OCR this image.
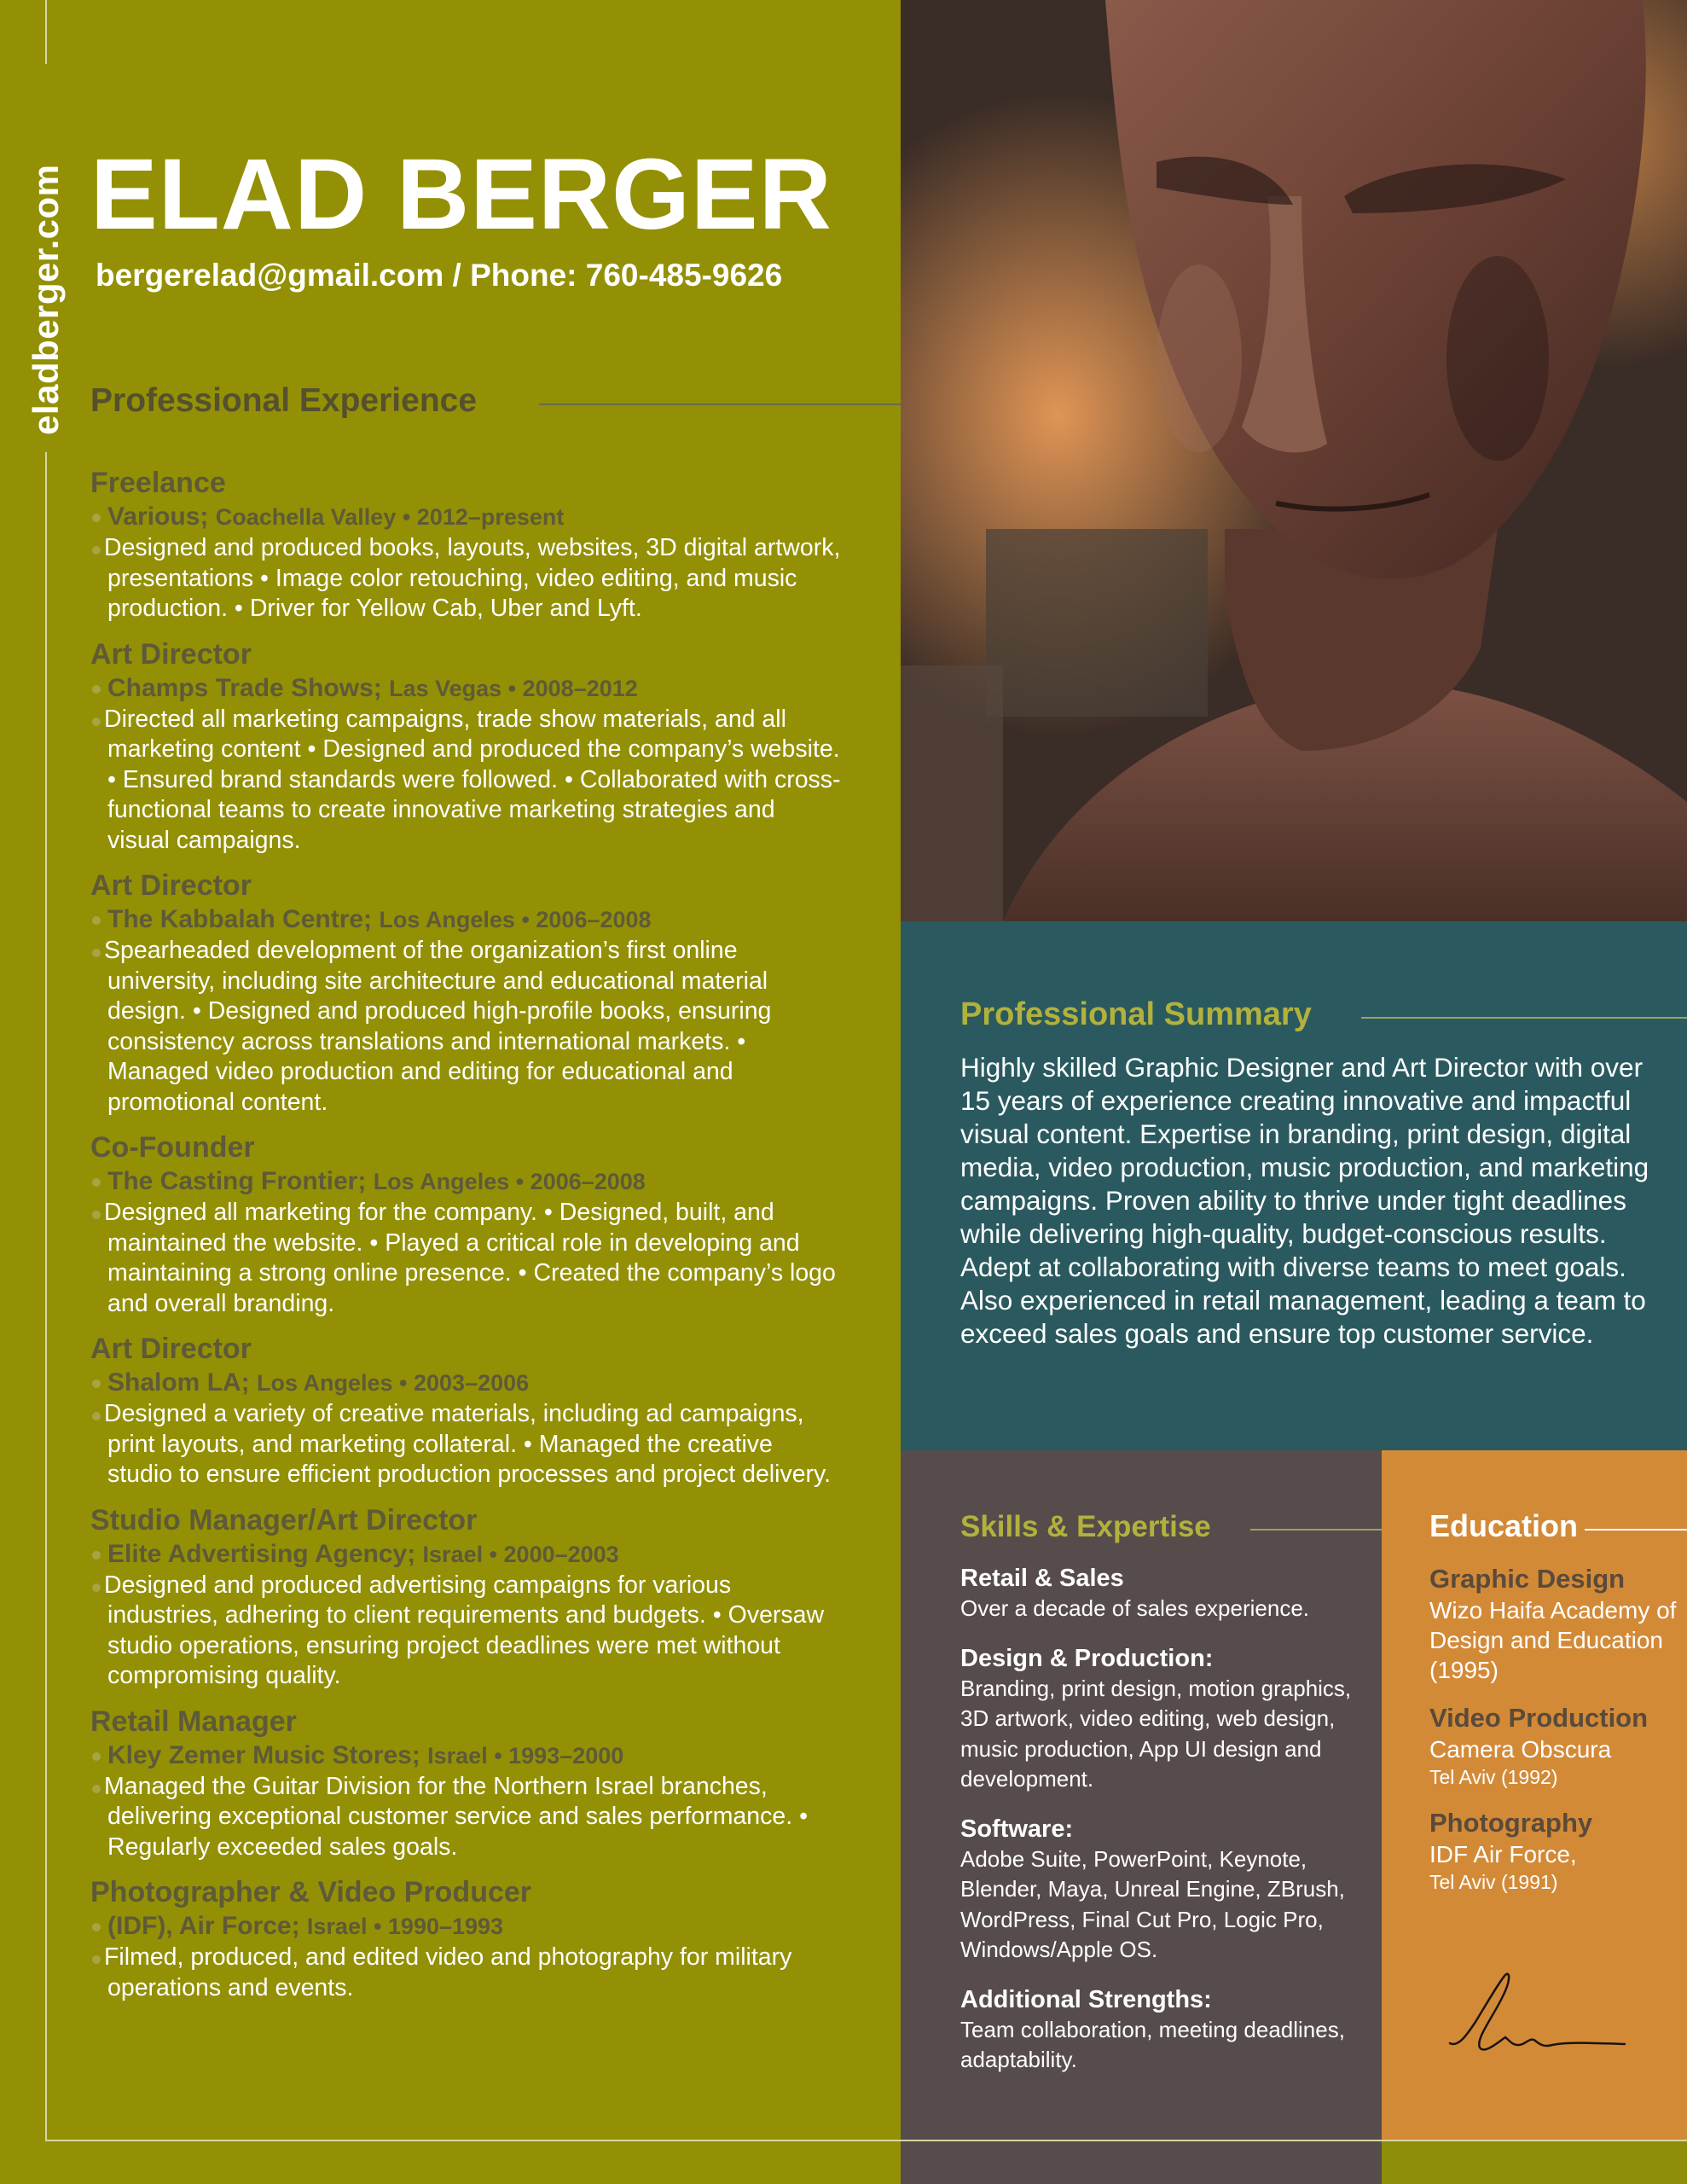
eladberger.com ELAD BERGER
bergerelad@gmail.com / Phone: 760-485-9626
Professional Experience
Freelance
Various; Coachella Valley • 2012–present
Designed and produced books, layouts, websites, 3D digital artwork, presentations • Image color retouching, video editing, and music production. • Driver for Yellow Cab, Uber and Lyft.
Art Director
Champs Trade Shows; Las Vegas • 2008–2012
Directed all marketing campaigns, trade show materials, and all marketing content • Designed and produced the company’s website. • Ensured brand standards were followed. • Collaborated with cross-functional teams to create innovative marketing strategies and visual campaigns.
Art Director
The Kabbalah Centre; Los Angeles • 2006–2008
Spearheaded development of the organization’s first online university, including site architecture and educational material design. • Designed and produced high-profile books, ensuring consistency across translations and international markets. • Managed video production and editing for educational and promotional content.
Co-Founder
The Casting Frontier; Los Angeles • 2006–2008
Designed all marketing for the company. • Designed, built, and maintained the website. • Played a critical role in developing and maintaining a strong online presence. • Created the company’s logo and overall branding.
Art Director
Shalom LA; Los Angeles • 2003–2006
Designed a variety of creative materials, including ad campaigns, print layouts, and marketing collateral. • Managed the creative studio to ensure efficient production processes and project delivery.
Studio Manager/Art Director
Elite Advertising Agency; Israel • 2000–2003
Designed and produced advertising campaigns for various industries, adhering to client requirements and budgets. • Oversaw studio operations, ensuring project deadlines were met without compromising quality.
Retail Manager
Kley Zemer Music Stores; Israel • 1993–2000
Managed the Guitar Division for the Northern Israel branches, delivering exceptional customer service and sales performance. • Regularly exceeded sales goals.
Photographer & Video Producer
(IDF), Air Force; Israel • 1990–1993
Filmed, produced, and edited video and photography for military operations and events.
Professional Summary
Highly skilled Graphic Designer and Art Director with over 15 years of experience creating innovative and impactful visual content. Expertise in branding, print design, digital media, video production, music production, and marketing campaigns. Proven ability to thrive under tight deadlines while delivering high-quality, budget-conscious results. Adept at collaborating with diverse teams to meet goals. Also experienced in retail management, leading a team to exceed sales goals and ensure top customer service.
Skills & Expertise
Retail & Sales
Over a decade of sales experience.
Design & Production:
Branding, print design, motion graphics, 3D artwork, video editing, web design, music production, App UI design and development.
Software:
Adobe Suite, PowerPoint, Keynote, Blender, Maya, Unreal Engine, ZBrush, WordPress, Final Cut Pro, Logic Pro, Windows/Apple OS.
Additional Strengths:
Team collaboration, meeting deadlines, adaptability.
Education
Graphic Design
Wizo Haifa Academy of Design and Education (1995)
Video Production
Camera Obscura
Tel Aviv (1992)
Photography
IDF Air Force,
Tel Aviv (1991)
